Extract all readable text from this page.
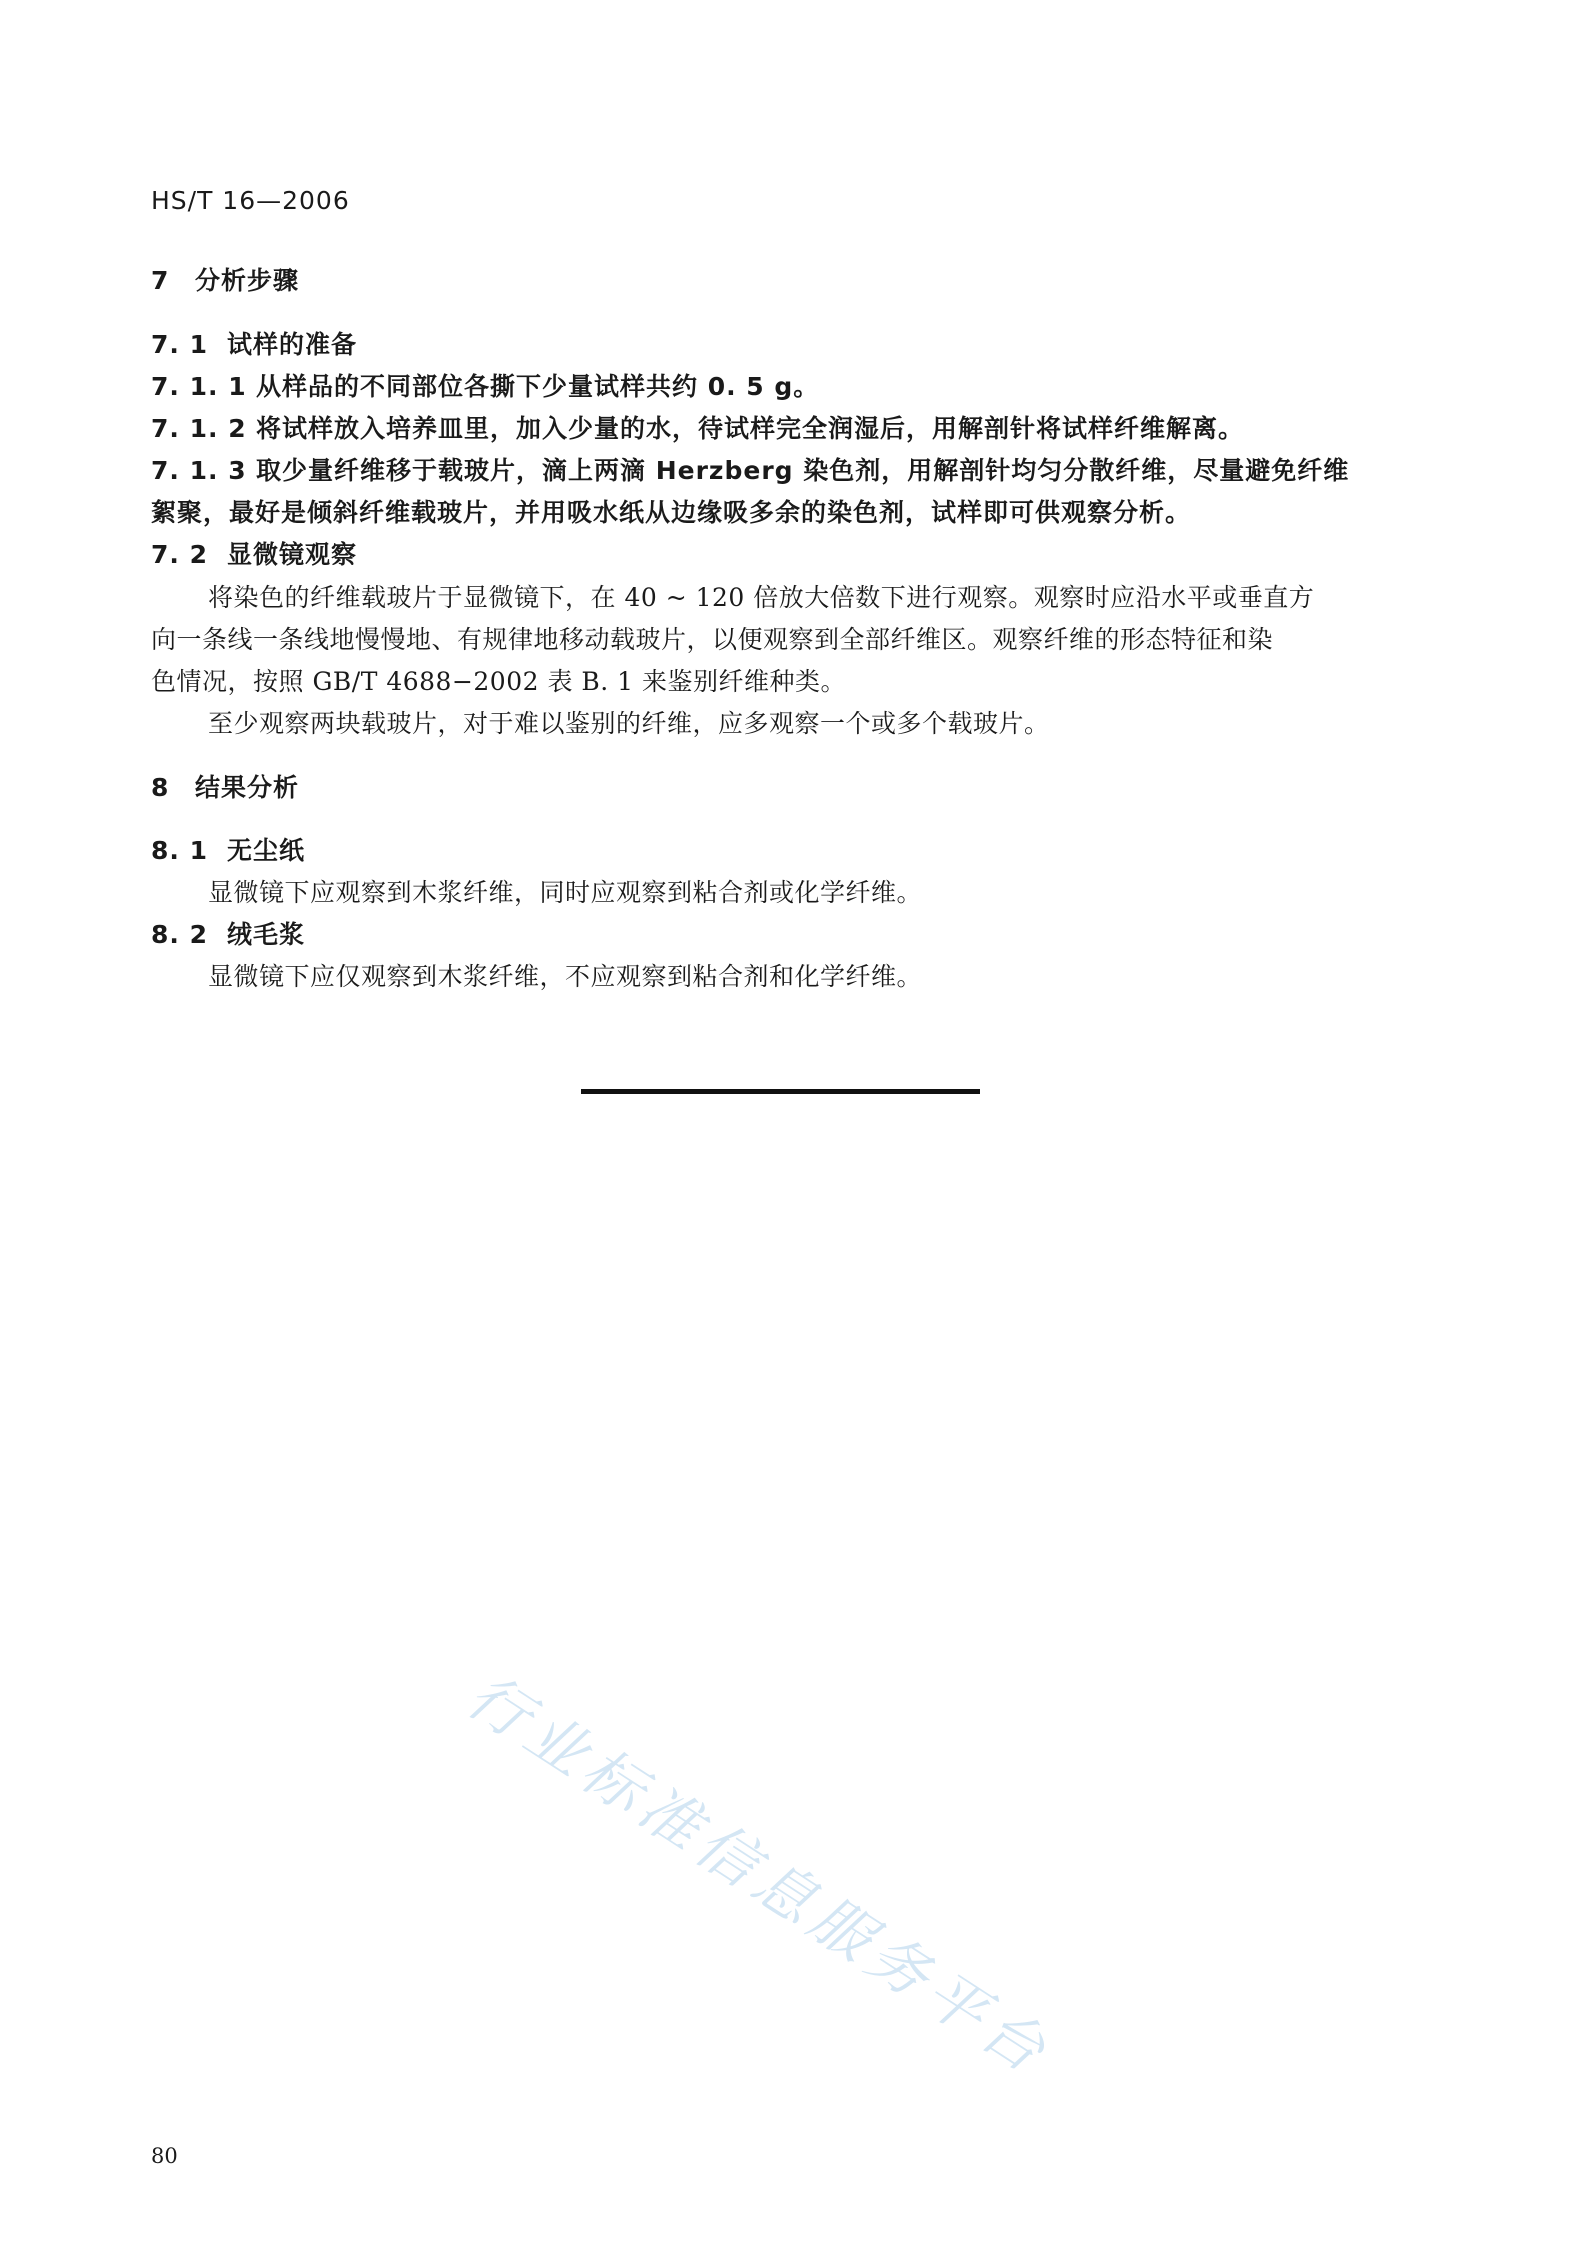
HS/T 16—2006
7 分析步骤
7. 1 试样的准备
7. 1. 1 从样品的不同部位各撕下少量试样共约 0. 5 g。
7. 1. 2 将试样放入培养皿里，加入少量的水，待试样完全润湿后，用解剖针将试样纤维解离。
7. 1. 3 取少量纤维移于载玻片，滴上两滴 Herzberg 染色剂，用解剖针均匀分散纤维，尽量避免纤维
絮聚，最好是倾斜纤维载玻片，并用吸水纸从边缘吸多余的染色剂，试样即可供观察分析。
7. 2 显微镜观察
将染色的纤维载玻片于显微镜下，在 40 ~ 120 倍放大倍数下进行观察。观察时应沿水平或垂直方
向一条线一条线地慢慢地、有规律地移动载玻片，以便观察到全部纤维区。观察纤维的形态特征和染
色情况，按照 GB/T 4688−2002 表 B. 1 来鉴别纤维种类。
至少观察两块载玻片，对于难以鉴别的纤维，应多观察一个或多个载玻片。
8 结果分析
8. 1 无尘纸
显微镜下应观察到木浆纤维，同时应观察到粘合剂或化学纤维。
8. 2 绒毛浆
显微镜下应仅观察到木浆纤维，不应观察到粘合剂和化学纤维。
行业标准信息服务平台
80
